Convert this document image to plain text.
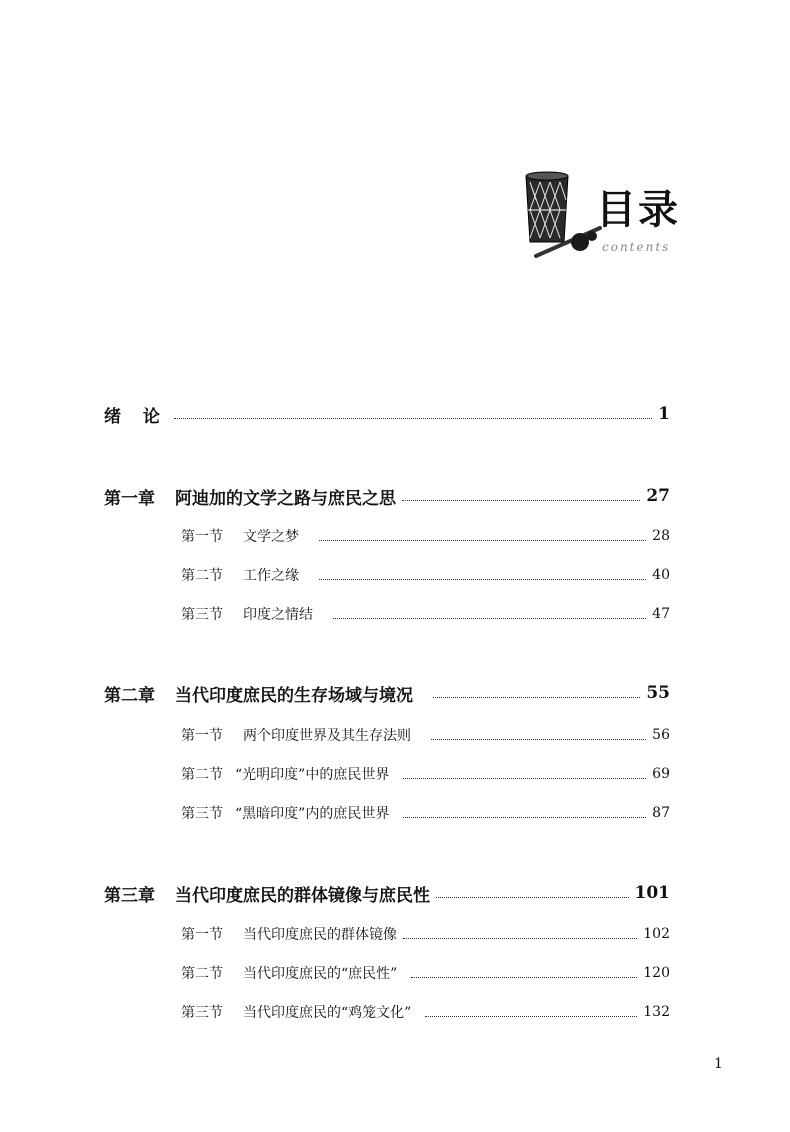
目录
contents
绪 论	1
第一章 阿迪加的文学之路与庶民之思	27
第一节 文学之梦	28
第二节 工作之缘	40
第三节 印度之情结	47
第二章 当代印度庶民的生存场域与境况	55
第一节 两个印度世界及其生存法则	56
第二节 “光明印度”中的庶民世界	69
第三节 “黑暗印度”内的庶民世界	87
第三章 当代印度庶民的群体镜像与庶民性	101
第一节 当代印度庶民的群体镜像	102
第二节 当代印度庶民的“庶民性”	120
第三节 当代印度庶民的“鸡笼文化”	132
1
